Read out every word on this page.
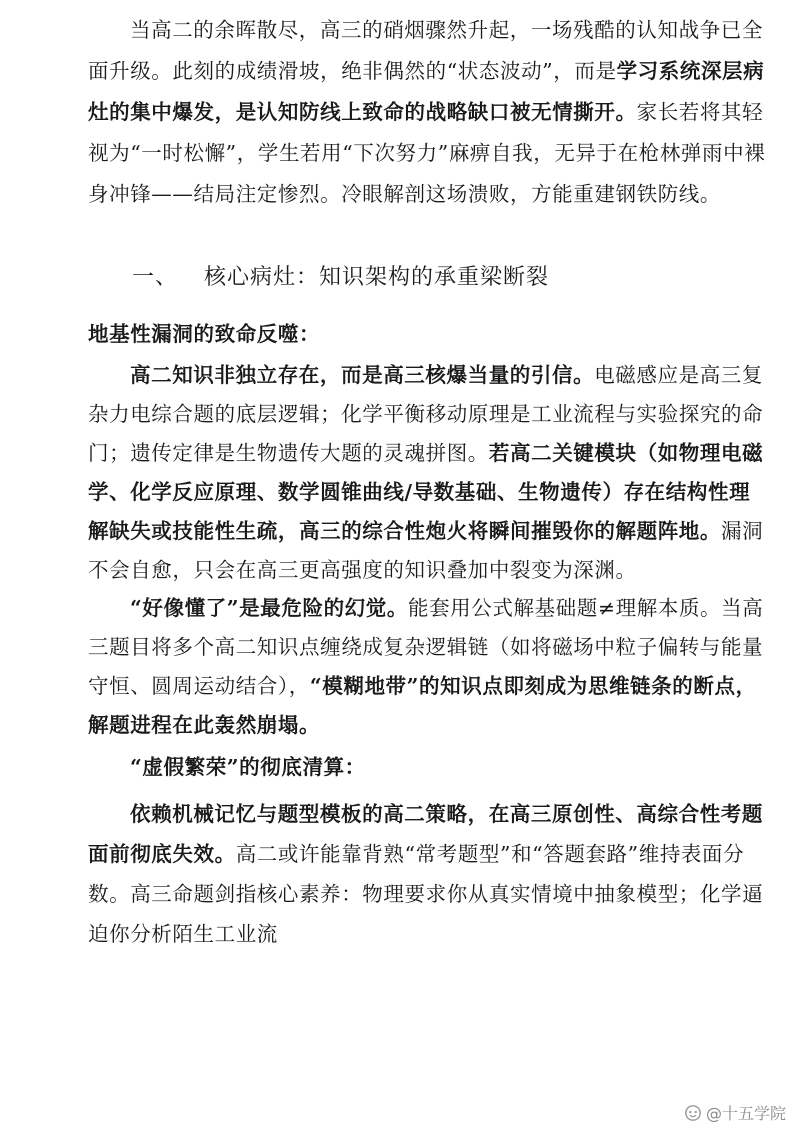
当高二的余晖散尽，高三的硝烟骤然升起，一场残酷的认知战争已全面升级。此刻的成绩滑坡，绝非偶然的“状态波动”，而是学习系统深层病灶的集中爆发，是认知防线上致命的战略缺口被无情撕开。家长若将其轻视为“一时松懈”，学生若用“下次努力”麻痹自我，无异于在枪林弹雨中裸身冲锋——结局注定惨烈。冷眼解剖这场溃败，方能重建钢铁防线。

一、 核心病灶：知识架构的承重梁断裂

地基性漏洞的致命反噬：

高二知识非独立存在，而是高三核爆当量的引信。电磁感应是高三复杂力电综合题的底层逻辑；化学平衡移动原理是工业流程与实验探究的命门；遗传定律是生物遗传大题的灵魂拼图。若高二关键模块（如物理电磁学、化学反应原理、数学圆锥曲线/导数基础、生物遗传）存在结构性理解缺失或技能性生疏，高三的综合性炮火将瞬间摧毁你的解题阵地。漏洞不会自愈，只会在高三更高强度的知识叠加中裂变为深渊。

“好像懂了”是最危险的幻觉。能套用公式解基础题≠理解本质。当高三题目将多个高二知识点缠绕成复杂逻辑链（如将磁场中粒子偏转与能量守恒、圆周运动结合），“模糊地带”的知识点即刻成为思维链条的断点，解题进程在此轰然崩塌。

“虚假繁荣”的彻底清算：

依赖机械记忆与题型模板的高二策略，在高三原创性、高综合性考题面前彻底失效。高二或许能靠背熟“常考题型”和“答题套路”维持表面分数。高三命题剑指核心素养：物理要求你从真实情境中抽象模型；化学逼迫你分析陌生工业流

@十五学院
